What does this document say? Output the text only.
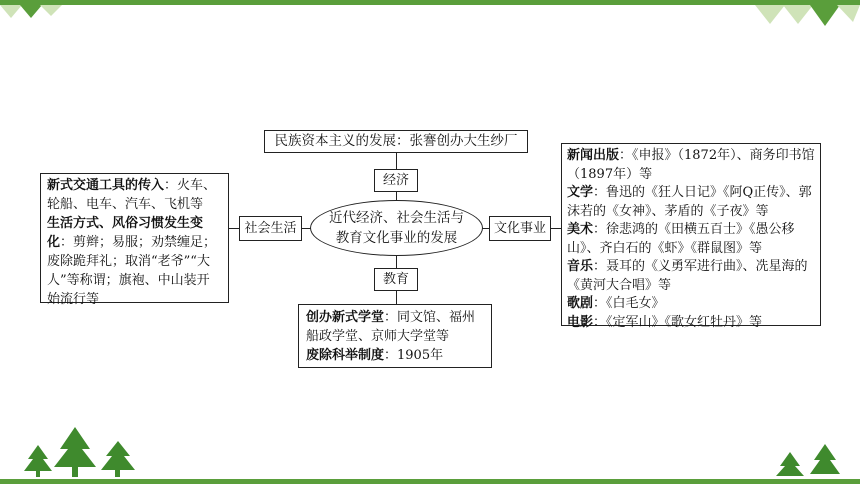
民族资本主义的发展：张謇创办大生纱厂
经济
社会生活
教育
文化事业
近代经济、社会生活与
教育文化事业的发展

新式交通工具的传入：火车、轮船、电车、汽车、飞机等
生活方式、风俗习惯发生变化：剪辫；易服；劝禁缠足；废除跪拜礼；取消“老爷”“大人”等称谓；旗袍、中山装开始流行等

创办新式学堂：同文馆、福州船政学堂、京师大学堂等
废除科举制度：1905年

新闻出版：《申报》（1872年）、商务印书馆（1897年）等
文学：鲁迅的《狂人日记》《阿Q正传》、郭沫若的《女神》、茅盾的《子夜》等
美术：徐悲鸿的《田横五百士》《愚公移山》、齐白石的《虾》《群鼠图》等
音乐：聂耳的《义勇军进行曲》、冼星海的《黄河大合唱》等
歌剧：《白毛女》
电影：《定军山》《歌女红牡丹》等
